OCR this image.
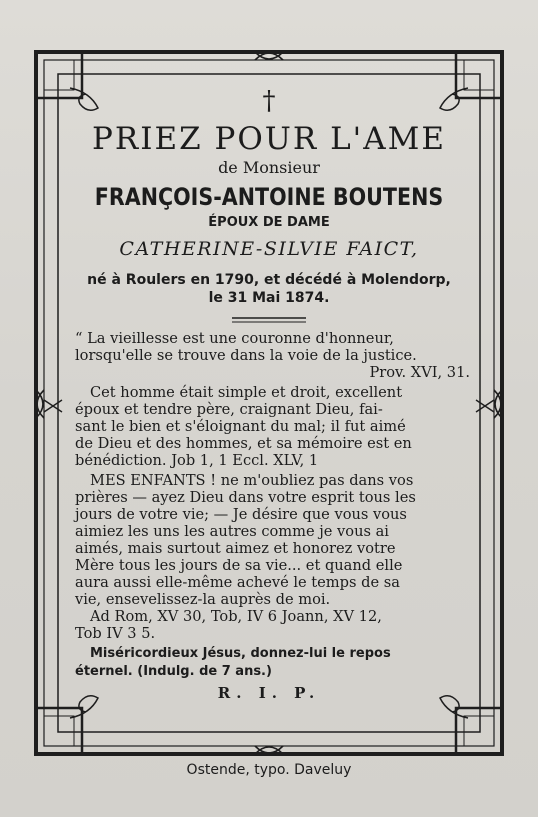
†
PRIEZ POUR L'AME
de Monsieur
FRANÇOIS-ANTOINE BOUTENS
ÉPOUX DE DAME
CATHERINE-SILVIE FAICT,
né à Roulers en 1790, et décédé à Molendorp,
le 31 Mai 1874.
“ La vieillesse est une couronne d'honneur,
lorsqu'elle se trouve dans la voie de la justice.
Prov. XVI, 31.
Cet homme était simple et droit, excellent
époux et tendre père, craignant Dieu, fai-
sant le bien et s'éloignant du mal; il fut aimé
de Dieu et des hommes, et sa mémoire est en
bénédiction. Job 1, 1 Eccl. XLV, 1
MES ENFANTS ! ne m'oubliez pas dans vos
prières — ayez Dieu dans votre esprit tous les
jours de votre vie; — Je désire que vous vous
aimiez les uns les autres comme je vous ai
aimés, mais surtout aimez et honorez votre
Mère tous les jours de sa vie... et quand elle
aura aussi elle-même achevé le temps de sa
vie, ensevelissez-la auprès de moi.
Ad Rom, XV 30, Tob, IV 6 Joann, XV 12,
Tob IV 3 5.
Miséricordieux Jésus, donnez-lui le repos
éternel. (Indulg. de 7 ans.)
R. I. P.
Ostende, typo. Daveluy
